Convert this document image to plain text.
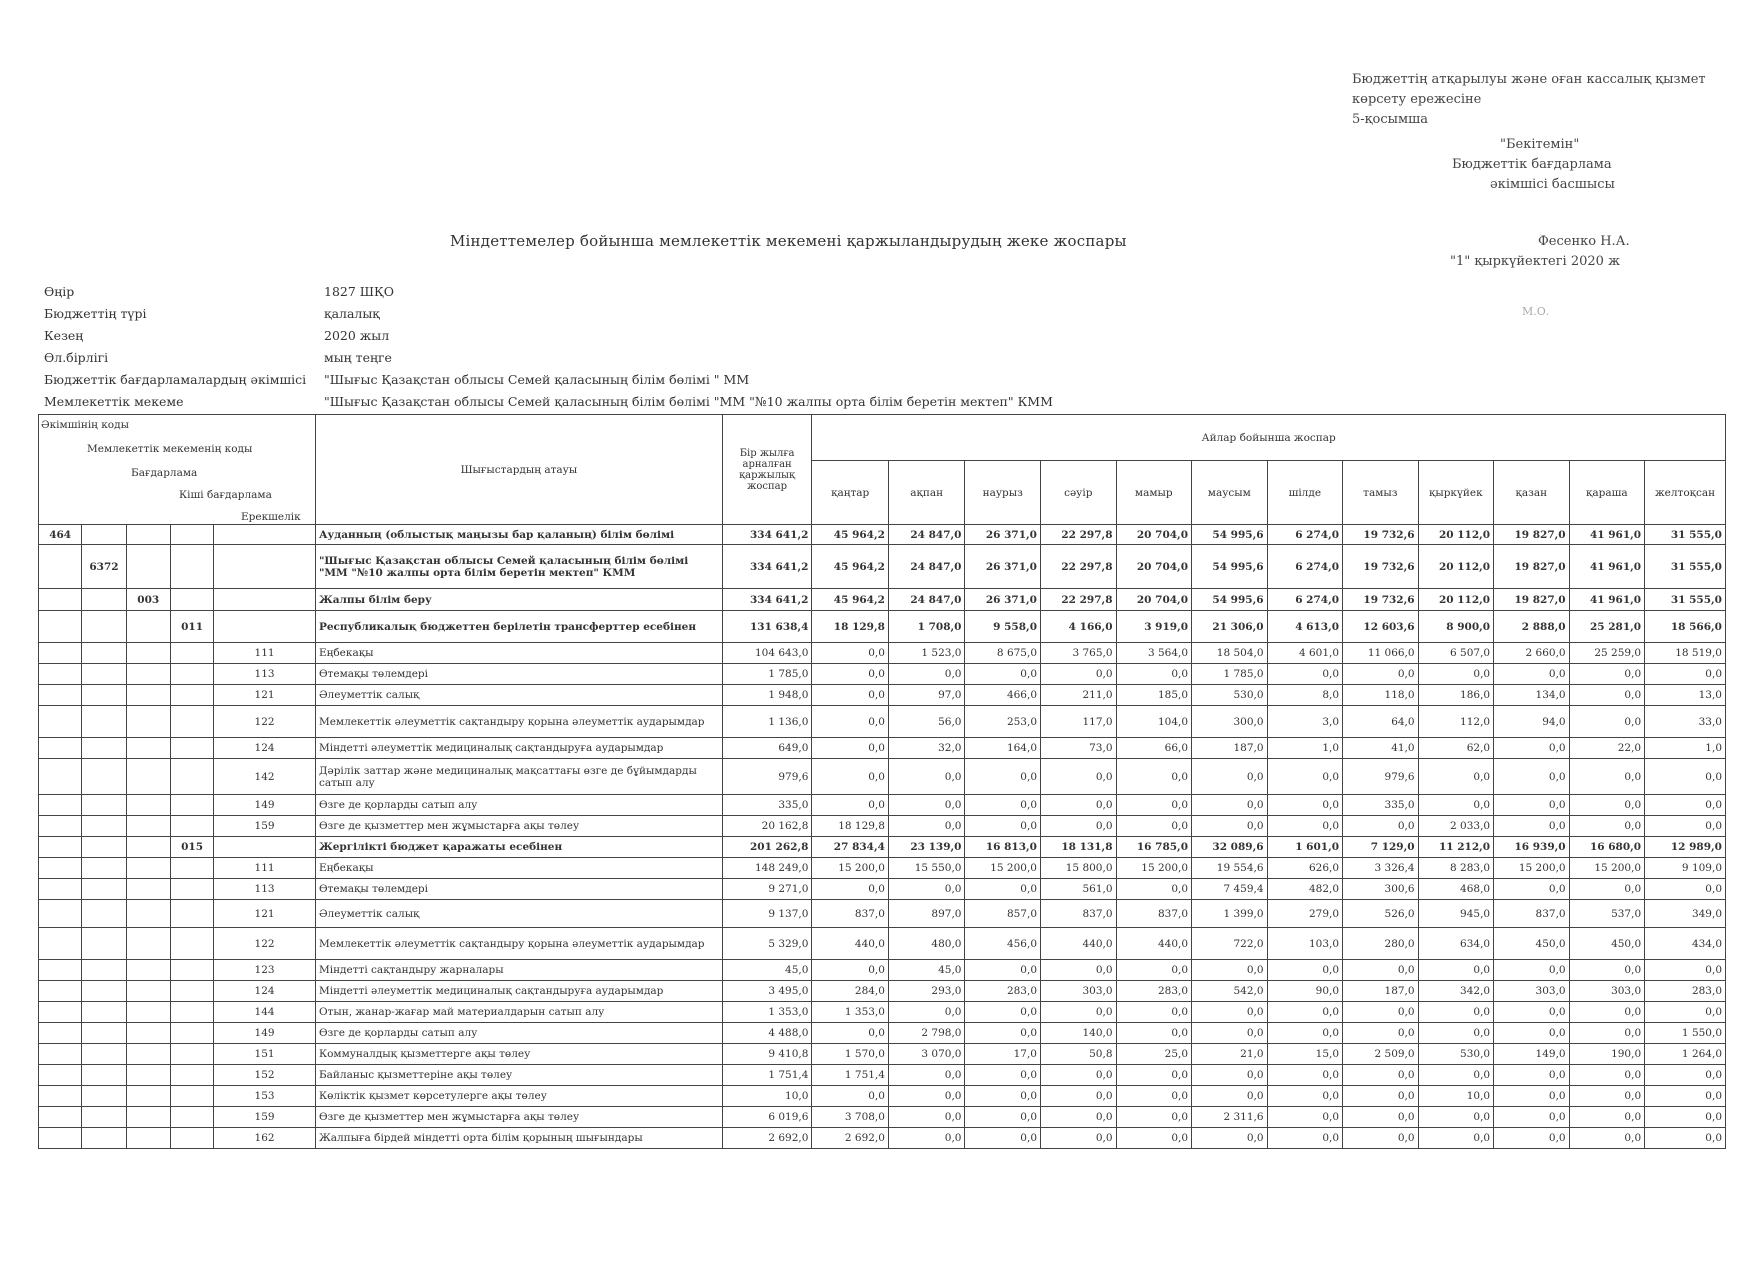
Бюджеттің атқарылуы және оған кассалық қызмет
көрсету ережесіне
5-қосымша
"Бекітемін"
Бюджеттік бағдарлама
әкімшісі басшысы
Міндеттемелер бойынша мемлекеттік мекемені қаржыландырудың жеке жоспары	Фесенко Н.А.
"1" қыркүйектегі 2020 ж
М.О.
Өңір	1827 ШҚО
Бюджеттің түрі	қалалық
Кезең	2020 жыл
Өл.бірлігі	мың теңге
Бюджеттік бағдарламалардың әкімшісі "Шығыс Қазақстан облысы Семей қаласының білім бөлімі " ММ
Мемлекеттік мекеме	"Шығыс Қазақстан облысы Семей қаласының білім бөлімі "ММ "№10 жалпы орта білім беретін мектеп" КММ
Әкімшінің коды
Мемлекеттік мекеменің коды
Бағдарлама
Кіші бағдарлама
Ерекшелік					Шығыстардың атауы	Бір жылға арналған қаржылық жоспар	Айлар бойынша жоспар											
							қаңтар	ақпан	наурыз	сәуір	мамыр	маусым	шілде	тамыз	қыркүйек	қазан	қараша	желтоқсан
464					Ауданның (облыстық маңызы бар қаланың) білім бөлімі	334 641,2	45 964,2	24 847,0	26 371,0	22 297,8	20 704,0	54 995,6	6 274,0	19 732,6	20 112,0	19 827,0	41 961,0	31 555,0
	6372				"Шығыс Қазақстан облысы Семей қаласының білім бөлімі "ММ "№10 жалпы орта білім беретін мектеп" КММ	334 641,2	45 964,2	24 847,0	26 371,0	22 297,8	20 704,0	54 995,6	6 274,0	19 732,6	20 112,0	19 827,0	41 961,0	31 555,0
		003			Жалпы білім беру	334 641,2	45 964,2	24 847,0	26 371,0	22 297,8	20 704,0	54 995,6	6 274,0	19 732,6	20 112,0	19 827,0	41 961,0	31 555,0
			011		Республикалық бюджеттен берілетін трансферттер есебінен	131 638,4	18 129,8	1 708,0	9 558,0	4 166,0	3 919,0	21 306,0	4 613,0	12 603,6	8 900,0	2 888,0	25 281,0	18 566,0
				111	Еңбекақы	104 643,0	0,0	1 523,0	8 675,0	3 765,0	3 564,0	18 504,0	4 601,0	11 066,0	6 507,0	2 660,0	25 259,0	18 519,0
				113	Өтемақы төлемдері	1 785,0	0,0	0,0	0,0	0,0	0,0	1 785,0	0,0	0,0	0,0	0,0	0,0	0,0
				121	Әлеуметтік салық	1 948,0	0,0	97,0	466,0	211,0	185,0	530,0	8,0	118,0	186,0	134,0	0,0	13,0
				122	Мемлекеттік әлеуметтік сақтандыру қорына әлеуметтік аударымдар	1 136,0	0,0	56,0	253,0	117,0	104,0	300,0	3,0	64,0	112,0	94,0	0,0	33,0
				124	Міндетті әлеуметтік медициналық сақтандыруға аударымдар	649,0	0,0	32,0	164,0	73,0	66,0	187,0	1,0	41,0	62,0	0,0	22,0	1,0
				142	Дәрілік заттар және медициналық мақсаттағы өзге де бұйымдарды сатып алу	979,6	0,0	0,0	0,0	0,0	0,0	0,0	0,0	979,6	0,0	0,0	0,0	0,0
				149	Өзге де қорларды сатып алу	335,0	0,0	0,0	0,0	0,0	0,0	0,0	0,0	335,0	0,0	0,0	0,0	0,0
				159	Өзге де қызметтер мен жұмыстарға ақы төлеу	20 162,8	18 129,8	0,0	0,0	0,0	0,0	0,0	0,0	0,0	2 033,0	0,0	0,0	0,0
			015		Жергілікті бюджет қаражаты есебінен	201 262,8	27 834,4	23 139,0	16 813,0	18 131,8	16 785,0	32 089,6	1 601,0	7 129,0	11 212,0	16 939,0	16 680,0	12 989,0
				111	Еңбекақы	148 249,0	15 200,0	15 550,0	15 200,0	15 800,0	15 200,0	19 554,6	626,0	3 326,4	8 283,0	15 200,0	15 200,0	9 109,0
				113	Өтемақы төлемдері	9 271,0	0,0	0,0	0,0	561,0	0,0	7 459,4	482,0	300,6	468,0	0,0	0,0	0,0
				121	Әлеуметтік салық	9 137,0	837,0	897,0	857,0	837,0	837,0	1 399,0	279,0	526,0	945,0	837,0	537,0	349,0
				122	Мемлекеттік әлеуметтік сақтандыру қорына әлеуметтік аударымдар	5 329,0	440,0	480,0	456,0	440,0	440,0	722,0	103,0	280,0	634,0	450,0	450,0	434,0
				123	Міндетті сақтандыру жарналары	45,0	0,0	45,0	0,0	0,0	0,0	0,0	0,0	0,0	0,0	0,0	0,0	0,0
				124	Міндетті әлеуметтік медициналық сақтандыруға аударымдар	3 495,0	284,0	293,0	283,0	303,0	283,0	542,0	90,0	187,0	342,0	303,0	303,0	283,0
				144	Отын, жанар-жағар май материалдарын сатып алу	1 353,0	1 353,0	0,0	0,0	0,0	0,0	0,0	0,0	0,0	0,0	0,0	0,0	0,0
				149	Өзге де қорларды сатып алу	4 488,0	0,0	2 798,0	0,0	140,0	0,0	0,0	0,0	0,0	0,0	0,0	0,0	1 550,0
				151	Коммуналдық қызметтерге ақы төлеу	9 410,8	1 570,0	3 070,0	17,0	50,8	25,0	21,0	15,0	2 509,0	530,0	149,0	190,0	1 264,0
				152	Байланыс қызметтеріне ақы төлеу	1 751,4	1 751,4	0,0	0,0	0,0	0,0	0,0	0,0	0,0	0,0	0,0	0,0	0,0
				153	Көліктік қызмет көрсетулерге ақы төлеу	10,0	0,0	0,0	0,0	0,0	0,0	0,0	0,0	0,0	10,0	0,0	0,0	0,0
				159	Өзге де қызметтер мен жұмыстарға ақы төлеу	6 019,6	3 708,0	0,0	0,0	0,0	0,0	2 311,6	0,0	0,0	0,0	0,0	0,0	0,0
				162	Жалпыға бірдей міндетті орта білім қорының шығындары	2 692,0	2 692,0	0,0	0,0	0,0	0,0	0,0	0,0	0,0	0,0	0,0	0,0	0,0
